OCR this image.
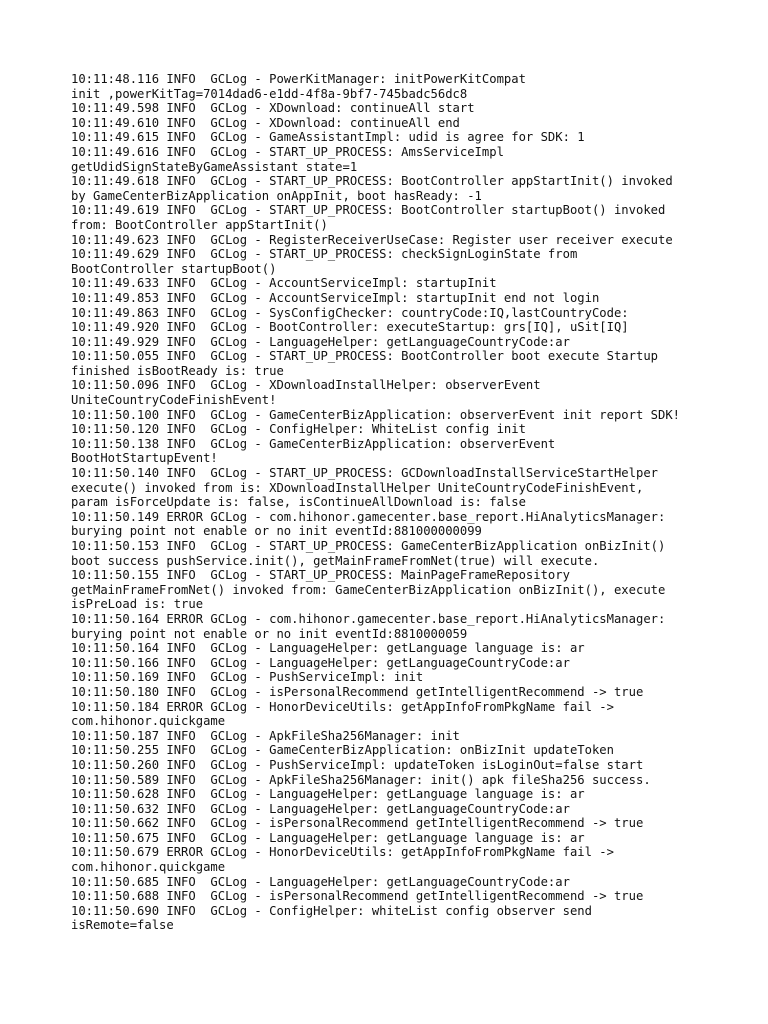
10:11:48.116 INFO  GCLog - PowerKitManager: initPowerKitCompat
init ,powerKitTag=7014dad6-e1dd-4f8a-9bf7-745badc56dc8
10:11:49.598 INFO  GCLog - XDownload: continueAll start
10:11:49.610 INFO  GCLog - XDownload: continueAll end
10:11:49.615 INFO  GCLog - GameAssistantImpl: udid is agree for SDK: 1
10:11:49.616 INFO  GCLog - START_UP_PROCESS: AmsServiceImpl
getUdidSignStateByGameAssistant state=1
10:11:49.618 INFO  GCLog - START_UP_PROCESS: BootController appStartInit() invoked
by GameCenterBizApplication onAppInit, boot hasReady: -1
10:11:49.619 INFO  GCLog - START_UP_PROCESS: BootController startupBoot() invoked
from: BootController appStartInit()
10:11:49.623 INFO  GCLog - RegisterReceiverUseCase: Register user receiver execute
10:11:49.629 INFO  GCLog - START_UP_PROCESS: checkSignLoginState from
BootController startupBoot()
10:11:49.633 INFO  GCLog - AccountServiceImpl: startupInit
10:11:49.853 INFO  GCLog - AccountServiceImpl: startupInit end not login
10:11:49.863 INFO  GCLog - SysConfigChecker: countryCode:IQ,lastCountryCode:
10:11:49.920 INFO  GCLog - BootController: executeStartup: grs[IQ], uSit[IQ]
10:11:49.929 INFO  GCLog - LanguageHelper: getLanguageCountryCode:ar
10:11:50.055 INFO  GCLog - START_UP_PROCESS: BootController boot execute Startup
finished isBootReady is: true
10:11:50.096 INFO  GCLog - XDownloadInstallHelper: observerEvent
UniteCountryCodeFinishEvent!
10:11:50.100 INFO  GCLog - GameCenterBizApplication: observerEvent init report SDK!
10:11:50.120 INFO  GCLog - ConfigHelper: WhiteList config init
10:11:50.138 INFO  GCLog - GameCenterBizApplication: observerEvent
BootHotStartupEvent!
10:11:50.140 INFO  GCLog - START_UP_PROCESS: GCDownloadInstallServiceStartHelper
execute() invoked from is: XDownloadInstallHelper UniteCountryCodeFinishEvent,
param isForceUpdate is: false, isContinueAllDownload is: false
10:11:50.149 ERROR GCLog - com.hihonor.gamecenter.base_report.HiAnalyticsManager:
burying point not enable or no init eventId:881000000099
10:11:50.153 INFO  GCLog - START_UP_PROCESS: GameCenterBizApplication onBizInit()
boot success pushService.init(), getMainFrameFromNet(true) will execute.
10:11:50.155 INFO  GCLog - START_UP_PROCESS: MainPageFrameRepository
getMainFrameFromNet() invoked from: GameCenterBizApplication onBizInit(), execute
isPreLoad is: true
10:11:50.164 ERROR GCLog - com.hihonor.gamecenter.base_report.HiAnalyticsManager:
burying point not enable or no init eventId:8810000059
10:11:50.164 INFO  GCLog - LanguageHelper: getLanguage language is: ar
10:11:50.166 INFO  GCLog - LanguageHelper: getLanguageCountryCode:ar
10:11:50.169 INFO  GCLog - PushServiceImpl: init
10:11:50.180 INFO  GCLog - isPersonalRecommend getIntelligentRecommend -> true
10:11:50.184 ERROR GCLog - HonorDeviceUtils: getAppInfoFromPkgName fail ->
com.hihonor.quickgame
10:11:50.187 INFO  GCLog - ApkFileSha256Manager: init
10:11:50.255 INFO  GCLog - GameCenterBizApplication: onBizInit updateToken
10:11:50.260 INFO  GCLog - PushServiceImpl: updateToken isLoginOut=false start
10:11:50.589 INFO  GCLog - ApkFileSha256Manager: init() apk fileSha256 success.
10:11:50.628 INFO  GCLog - LanguageHelper: getLanguage language is: ar
10:11:50.632 INFO  GCLog - LanguageHelper: getLanguageCountryCode:ar
10:11:50.662 INFO  GCLog - isPersonalRecommend getIntelligentRecommend -> true
10:11:50.675 INFO  GCLog - LanguageHelper: getLanguage language is: ar
10:11:50.679 ERROR GCLog - HonorDeviceUtils: getAppInfoFromPkgName fail ->
com.hihonor.quickgame
10:11:50.685 INFO  GCLog - LanguageHelper: getLanguageCountryCode:ar
10:11:50.688 INFO  GCLog - isPersonalRecommend getIntelligentRecommend -> true
10:11:50.690 INFO  GCLog - ConfigHelper: whiteList config observer send
isRemote=false
